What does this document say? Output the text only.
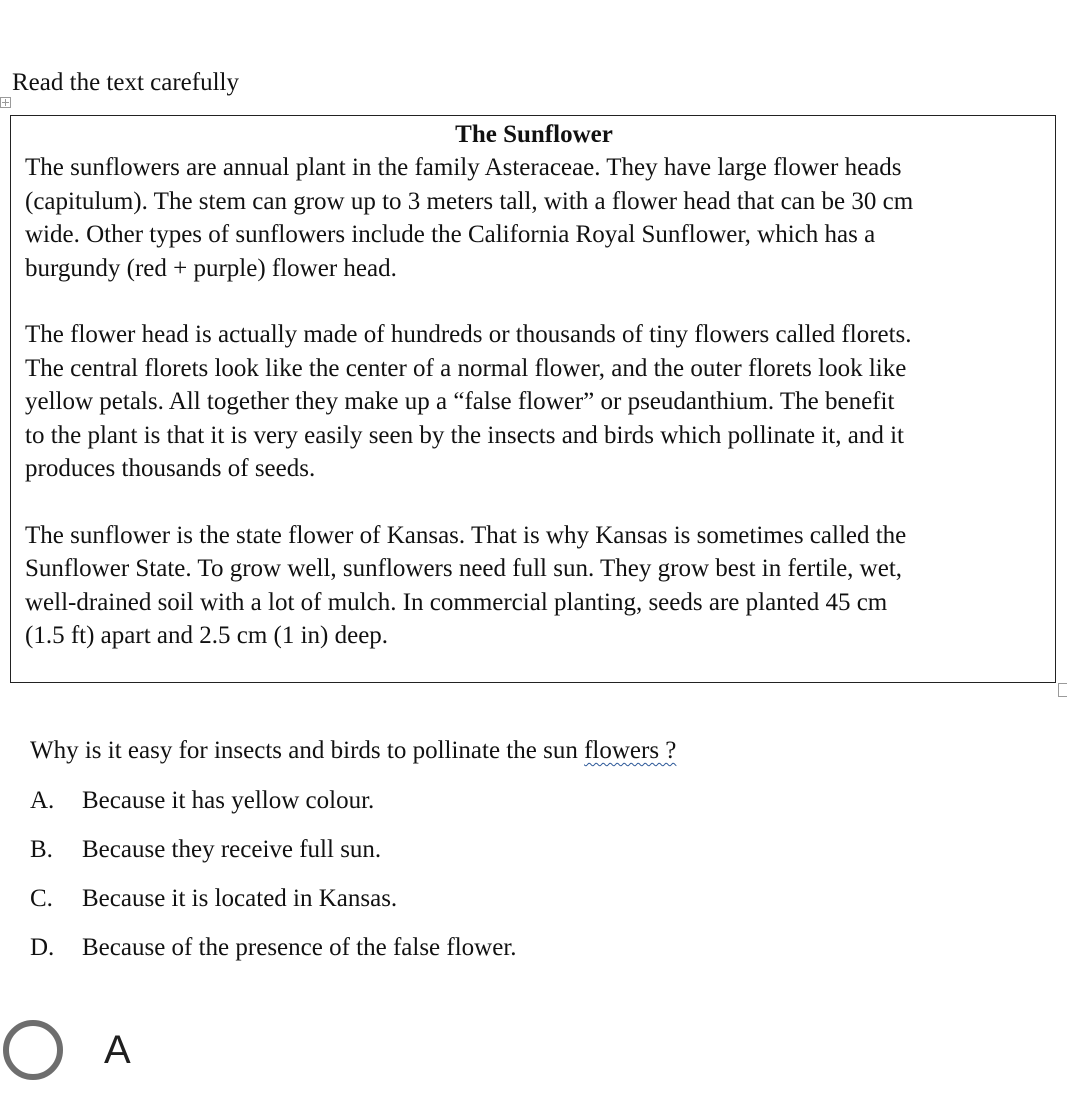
Read the text carefully

The Sunflower

The sunflowers are annual plant in the family Asteraceae. They have large flower heads
(capitulum). The stem can grow up to 3 meters tall, with a flower head that can be 30 cm
wide. Other types of sunflowers include the California Royal Sunflower, which has a
burgundy (red + purple) flower head.

The flower head is actually made of hundreds or thousands of tiny flowers called florets.
The central florets look like the center of a normal flower, and the outer florets look like
yellow petals. All together they make up a “false flower” or pseudanthium. The benefit
to the plant is that it is very easily seen by the insects and birds which pollinate it, and it
produces thousands of seeds.

The sunflower is the state flower of Kansas. That is why Kansas is sometimes called the
Sunflower State. To grow well, sunflowers need full sun. They grow best in fertile, wet,
well-drained soil with a lot of mulch. In commercial planting, seeds are planted 45 cm
(1.5 ft) apart and 2.5 cm (1 in) deep.

Why is it easy for insects and birds to pollinate the sun flowers ?
A.	Because it has yellow colour.
B.	Because they receive full sun.
C.	Because it is located in Kansas.
D.	Because of the presence of the false flower.
A
